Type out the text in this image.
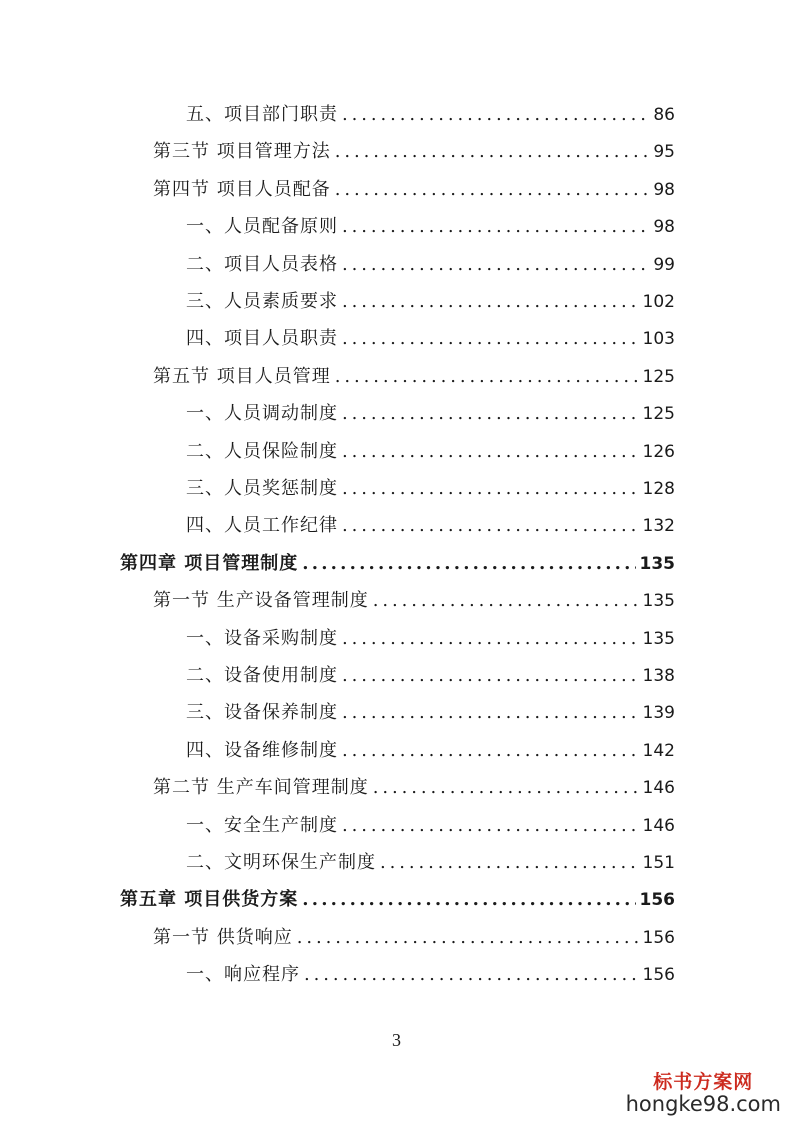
五、项目部门职责 .....	86
第三节 项目管理方法 .....	95
第四节 项目人员配备 .....	98
一、人员配备原则 .....	98
二、项目人员表格 .....	99
三、人员素质要求 .....	102
四、项目人员职责 .....	103
第五节 项目人员管理 .....	125
一、人员调动制度 .....	125
二、人员保险制度 .....	126
三、人员奖惩制度 .....	128
四、人员工作纪律 .....	132
第四章 项目管理制度 .....	135
第一节 生产设备管理制度 .....	135
一、设备采购制度 .....	135
二、设备使用制度 .....	138
三、设备保养制度 .....	139
四、设备维修制度 .....	142
第二节 生产车间管理制度 .....	146
一、安全生产制度 .....	146
二、文明环保生产制度 .....	151
第五章 项目供货方案 .....	156
第一节 供货响应 .....	156
一、响应程序 .....	156
3
标书方案网
hongke98.com
